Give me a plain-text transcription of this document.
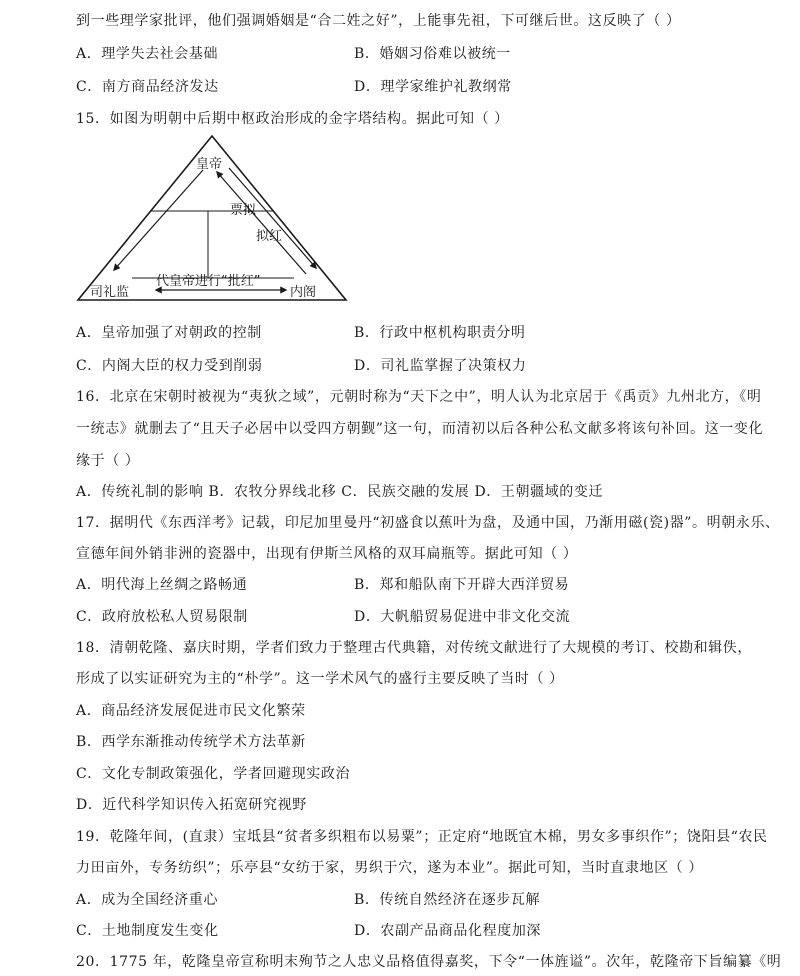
到一些理学家批评，他们强调婚姻是“合二姓之好”，上能事先祖，下可继后世。这反映了（ ）
A．理学失去社会基础	B．婚姻习俗难以被统一
C．南方商品经济发达	D．理学家维护礼教纲常
15．如图为明朝中后期中枢政治形成的金字塔结构。据此可知（ ）
皇帝
票拟
拟红
代皇帝进行“批红”
司礼监	内阁
A．皇帝加强了对朝政的控制	B．行政中枢机构职责分明
C．内阁大臣的权力受到削弱	D．司礼监掌握了决策权力
16．北京在宋朝时被视为“夷狄之域”，元朝时称为“天下之中”，明人认为北京居于《禹贡》九州北方，《明
一统志》就删去了“且天子必居中以受四方朝觐”这一句，而清初以后各种公私文献多将该句补回。这一变化
缘于（ ）
A．传统礼制的影响 B．农牧分界线北移 C．民族交融的发展 D．王朝疆域的变迁
17．据明代《东西洋考》记载，印尼加里曼丹“初盛食以蕉叶为盘，及通中国，乃渐用磁(瓷)器”。明朝永乐、
宣德年间外销非洲的瓷器中，出现有伊斯兰风格的双耳扁瓶等。据此可知（ ）
A．明代海上丝绸之路畅通	B．郑和船队南下开辟大西洋贸易
C．政府放松私人贸易限制	D．大帆船贸易促进中非文化交流
18．清朝乾隆、嘉庆时期，学者们致力于整理古代典籍，对传统文献进行了大规模的考订、校勘和辑佚，
形成了以实证研究为主的“朴学”。这一学术风气的盛行主要反映了当时（ ）
A．商品经济发展促进市民文化繁荣
B．西学东渐推动传统学术方法革新
C．文化专制政策强化，学者回避现实政治
D．近代科学知识传入拓宽研究视野
19．乾隆年间，(直隶）宝坻县“贫者多织粗布以易粟”；正定府“地既宜木棉，男女多事织作”；饶阳县“农民
力田亩外，专务纺织”；乐亭县“女纺于家，男织于穴，遂为本业”。据此可知，当时直隶地区（ ）
A．成为全国经济重心	B．传统自然经济在逐步瓦解
C．土地制度发生变化	D．农副产品商品化程度加深
20．1775 年，乾隆皇帝宣称明末殉节之人忠义品格值得嘉奖，下令“一体旌谥”。次年，乾隆帝下旨编纂《明
